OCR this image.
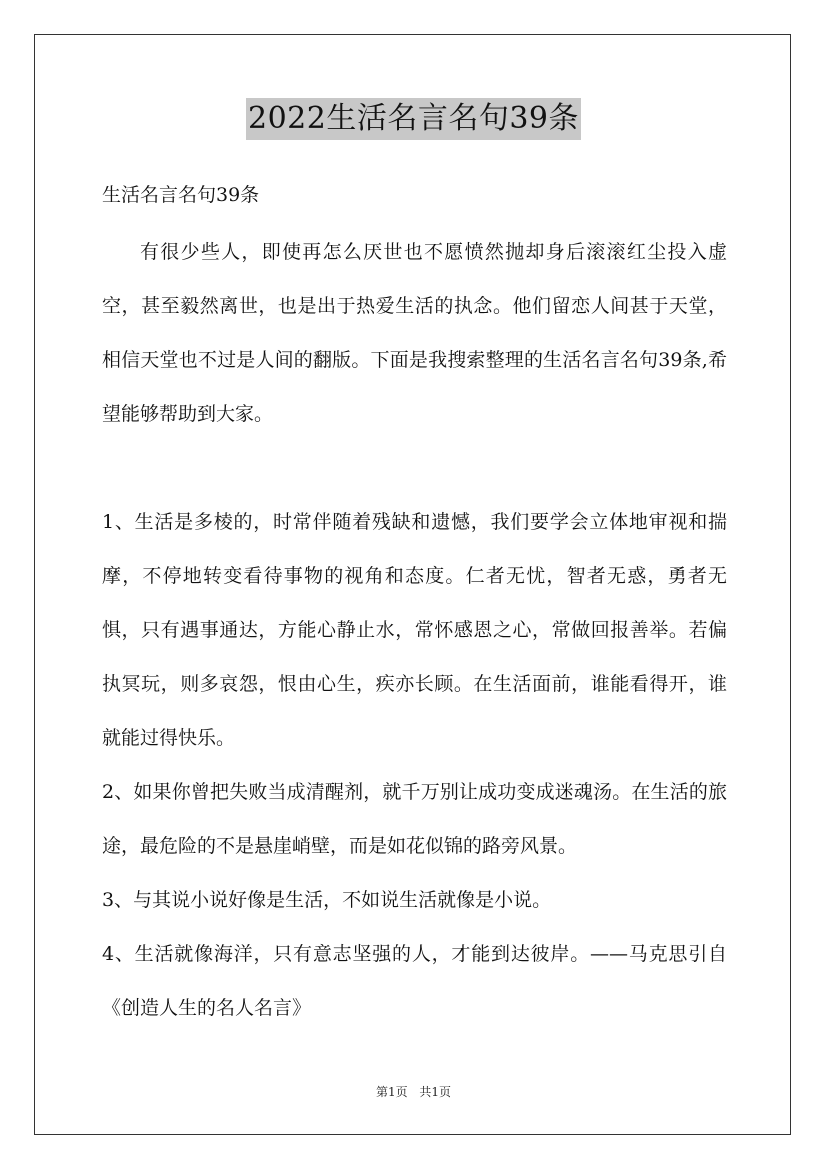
2022生活名言名句39条

生活名言名句39条

有很少些人，即使再怎么厌世也不愿愤然抛却身后滚滚红尘投入虚空，甚至毅然离世，也是出于热爱生活的执念。他们留恋人间甚于天堂，相信天堂也不过是人间的翻版。下面是我搜索整理的生活名言名句39条,希望能够帮助到大家。

1、生活是多棱的，时常伴随着残缺和遗憾，我们要学会立体地审视和揣摩，不停地转变看待事物的视角和态度。仁者无忧，智者无惑，勇者无惧，只有遇事通达，方能心静止水，常怀感恩之心，常做回报善举。若偏执冥玩，则多哀怨，恨由心生，疾亦长顾。在生活面前，谁能看得开，谁就能过得快乐。

2、如果你曾把失败当成清醒剂，就千万别让成功变成迷魂汤。在生活的旅途，最危险的不是悬崖峭壁，而是如花似锦的路旁风景。

3、与其说小说好像是生活，不如说生活就像是小说。

4、生活就像海洋，只有意志坚强的人，才能到达彼岸。——马克思引自《创造人生的名人名言》

第1页 共1页
